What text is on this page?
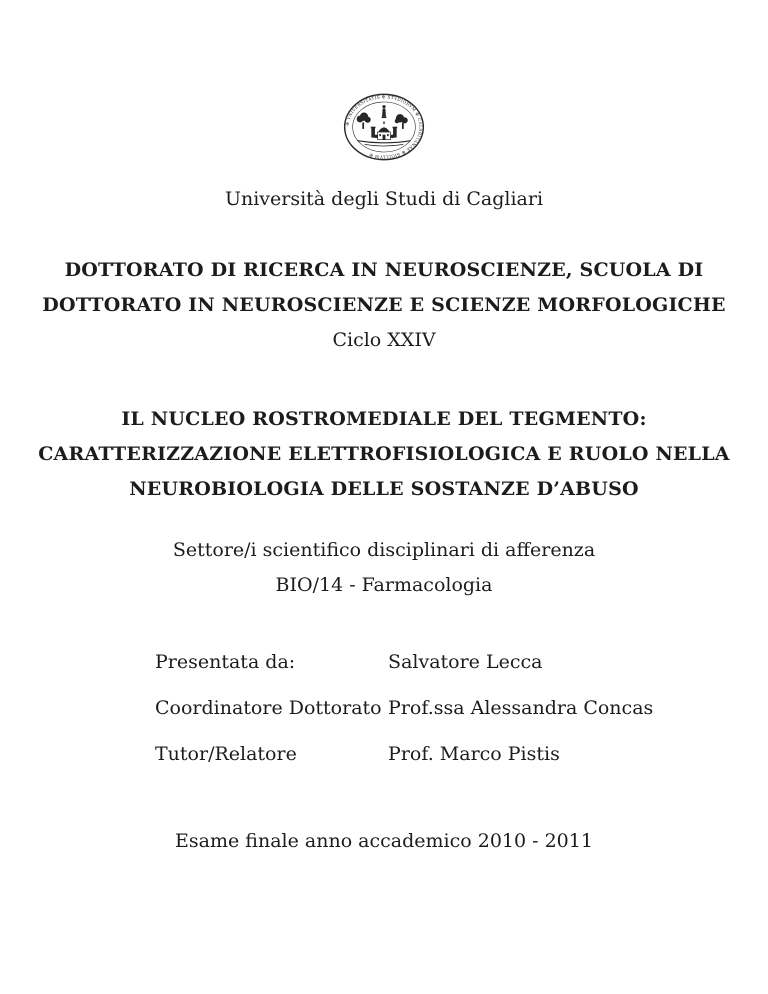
✠ VNIVERSITATIS ✠ STVDIORVM ✠ CALARITANAE ✠ SIGILLVM ✠
Università degli Studi di Cagliari
DOTTORATO DI RICERCA IN NEUROSCIENZE, SCUOLA DI
DOTTORATO IN NEUROSCIENZE E SCIENZE MORFOLOGICHE
Ciclo XXIV
IL NUCLEO ROSTROMEDIALE DEL TEGMENTO:
CARATTERIZZAZIONE ELETTROFISIOLOGICA E RUOLO NELLA
NEUROBIOLOGIA DELLE SOSTANZE D’ABUSO
Settore/i scientifico disciplinari di afferenza
BIO/14 - Farmacologia
Presentata da:	Salvatore Lecca
Coordinatore Dottorato Prof.ssa Alessandra Concas
Tutor/Relatore	Prof. Marco Pistis
Esame finale anno accademico 2010 - 2011
